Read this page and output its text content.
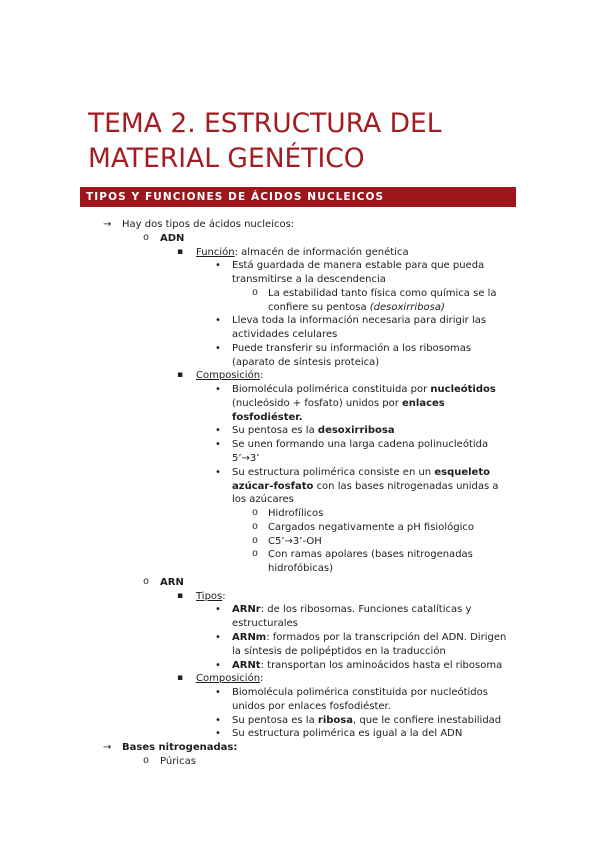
TEMA 2. ESTRUCTURA DEL
MATERIAL GENÉTICO
TIPOS Y FUNCIONES DE ÁCIDOS NUCLEICOS
→ Hay dos tipos de ácidos nucleicos:
o ADN
▪ Función: almacén de información genética
• Está guardada de manera estable para que pueda
transmitirse a la descendencia
o La estabilidad tanto física como química se la
confiere su pentosa (desoxirribosa)
• Lleva toda la información necesaria para dirigir las
actividades celulares
• Puede transferir su información a los ribosomas
(aparato de síntesis proteica)
▪ Composición:
• Biomolécula polimérica constituida por nucleótidos
(nucleósido + fosfato) unidos por enlaces
fosfodiéster.
• Su pentosa es la desoxirribosa
• Se unen formando una larga cadena polinucleótida
5’→3’
• Su estructura polimérica consiste en un esqueleto
azúcar-fosfato con las bases nitrogenadas unidas a
los azúcares
o Hidrofílicos
o Cargados negativamente a pH fisiológico
o C5’→3’-OH
o Con ramas apolares (bases nitrogenadas
hidrofóbicas)
o ARN
▪ Tipos:
• ARNr: de los ribosomas. Funciones catalíticas y
estructurales
• ARNm: formados por la transcripción del ADN. Dirigen
la síntesis de polipéptidos en la traducción
• ARNt: transportan los aminoácidos hasta el ribosoma
▪ Composición:
• Biomolécula polimérica constituida por nucleótidos
unidos por enlaces fosfodiéster.
• Su pentosa es la ribosa, que le confiere inestabilidad
• Su estructura polimérica es igual a la del ADN
→ Bases nitrogenadas:
o Púricas
